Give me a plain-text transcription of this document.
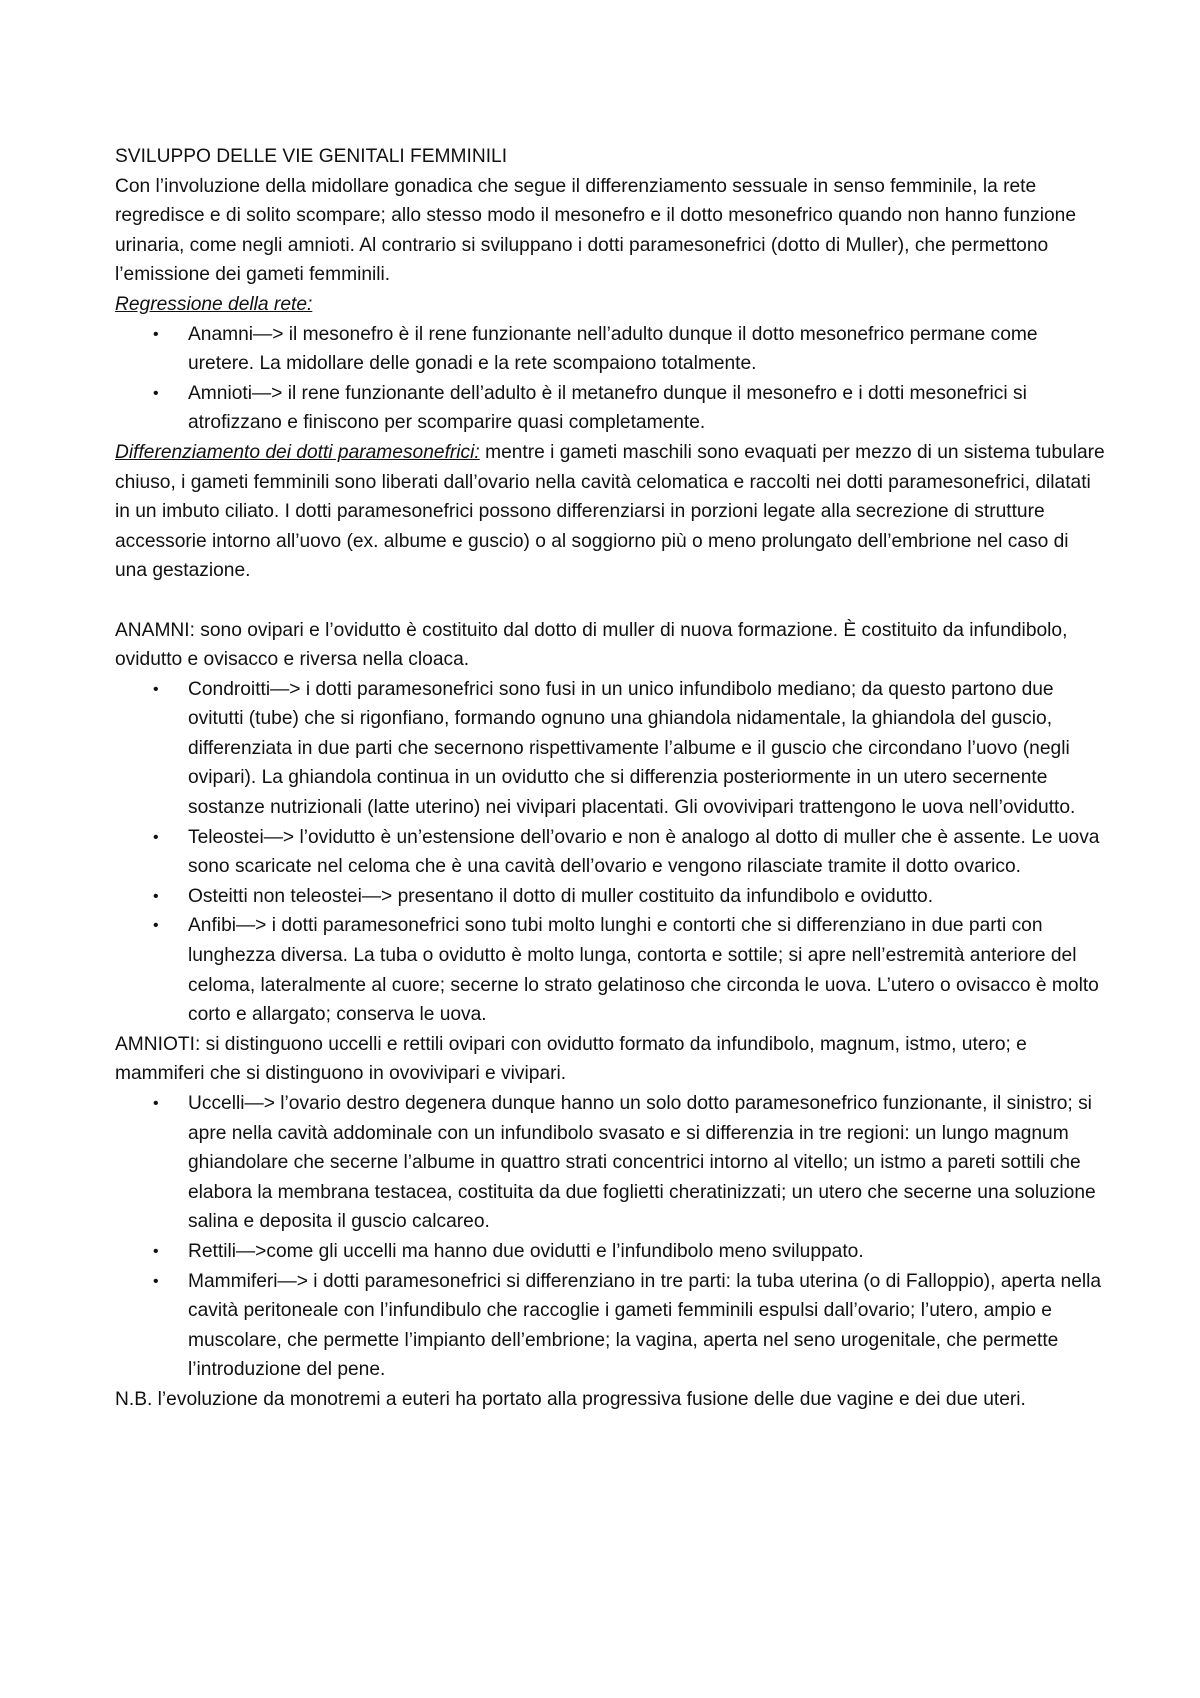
SVILUPPO DELLE VIE GENITALI FEMMINILI

Con l’involuzione della midollare gonadica che segue il differenziamento sessuale in senso femminile, la rete regredisce e di solito scompare; allo stesso modo il mesonefro e il dotto mesonefrico quando non hanno funzione urinaria, come negli amnioti. Al contrario si sviluppano i dotti paramesonefrici (dotto di Muller), che permettono l’emissione dei gameti femminili.

Regressione della rete:

•	Anamni—> il mesonefro è il rene funzionante nell’adulto dunque il dotto mesonefrico permane come uretere. La midollare delle gonadi e la rete scompaiono totalmente.
•	Amnioti—> il rene funzionante dell’adulto è il metanefro dunque il mesonefro e i dotti mesonefrici si atrofizzano e finiscono per scomparire quasi completamente.

Differenziamento dei dotti paramesonefrici: mentre i gameti maschili sono evaquati per mezzo di un sistema tubulare chiuso, i gameti femminili sono liberati dall’ovario nella cavità celomatica e raccolti nei dotti paramesonefrici, dilatati in un imbuto ciliato. I dotti paramesonefrici possono differenziarsi in porzioni legate alla secrezione di strutture accessorie intorno all’uovo (ex. albume e guscio) o al soggiorno più o meno prolungato dell’embrione nel caso di una gestazione.

ANAMNI: sono ovipari e l’ovidutto è costituito dal dotto di muller di nuova formazione. È costituito da infundibolo, ovidutto e ovisacco e riversa nella cloaca.

•	Condroitti—> i dotti paramesonefrici sono fusi in un unico infundibolo mediano; da questo partono due ovitutti (tube) che si rigonfiano, formando ognuno una ghiandola nidamentale, la ghiandola del guscio, differenziata in due parti che secernono rispettivamente l’albume e il guscio che circondano l’uovo (negli ovipari). La ghiandola continua in un ovidutto che si differenzia posteriormente in un utero secernente sostanze nutrizionali (latte uterino) nei vivipari placentati. Gli ovovivipari trattengono le uova nell’ovidutto.
•	Teleostei—> l’ovidutto è un’estensione dell’ovario e non è analogo al dotto di muller che è assente. Le uova sono scaricate nel celoma che è una cavità dell’ovario e vengono rilasciate tramite il dotto ovarico.
•	Osteitti non teleostei—> presentano il dotto di muller costituito da infundibolo e ovidutto.
•	Anfibi—> i dotti paramesonefrici sono tubi molto lunghi e contorti che si differenziano in due parti con lunghezza diversa. La tuba o ovidutto è molto lunga, contorta e sottile; si apre nell’estremità anteriore del celoma, lateralmente al cuore; secerne lo strato gelatinoso che circonda le uova. L’utero o ovisacco è molto corto e allargato; conserva le uova.

AMNIOTI: si distinguono uccelli e rettili ovipari con ovidutto formato da infundibolo, magnum, istmo, utero; e mammiferi che si distinguono in ovovivipari e vivipari.

•	Uccelli—> l’ovario destro degenera dunque hanno un solo dotto paramesonefrico funzionante, il sinistro; si apre nella cavità addominale con un infundibolo svasato e si differenzia in tre regioni: un lungo magnum ghiandolare che secerne l’albume in quattro strati concentrici intorno al vitello; un istmo a pareti sottili che elabora la membrana testacea, costituita da due foglietti cheratinizzati; un utero che secerne una soluzione salina e deposita il guscio calcareo.
•	Rettili—>come gli uccelli ma hanno due ovidutti e l’infundibolo meno sviluppato.
•	Mammiferi—> i dotti paramesonefrici si differenziano in tre parti: la tuba uterina (o di Falloppio), aperta nella cavità peritoneale con l’infundibulo che raccoglie i gameti femminili espulsi dall’ovario; l’utero, ampio e muscolare, che permette l’impianto dell’embrione; la vagina, aperta nel seno urogenitale, che permette l’introduzione del pene.

N.B. l’evoluzione da monotremi a euteri ha portato alla progressiva fusione delle due vagine e dei due uteri.
